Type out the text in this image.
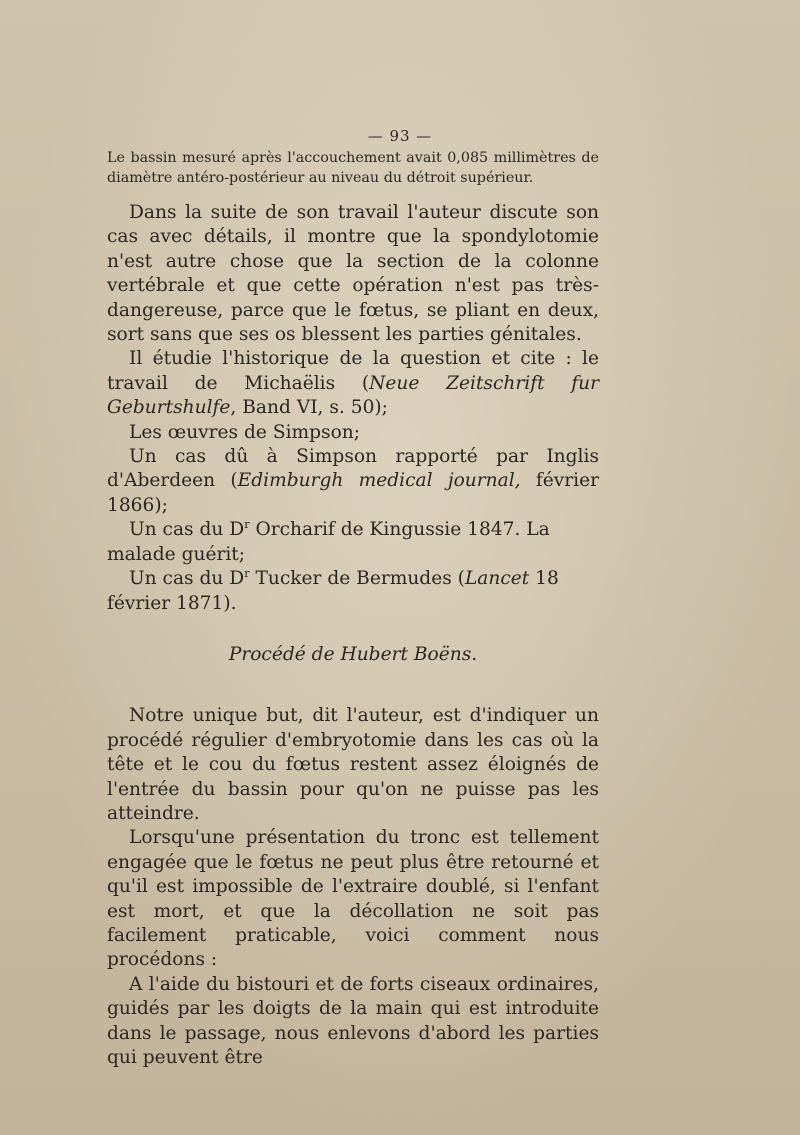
— 93 —

Le bassin mesuré après l'accouchement avait 0,085 millimètres de diamètre antéro-postérieur au niveau du détroit supérieur.

Dans la suite de son travail l'auteur discute son cas avec détails, il montre que la spondylotomie n'est autre chose que la section de la colonne vertébrale et que cette opération n'est pas très-dangereuse, parce que le fœtus, se pliant en deux, sort sans que ses os blessent les parties génitales.

Il étudie l'historique de la question et cite : le travail de Michaëlis (Neue Zeitschrift fur Geburtshulfe, Band VI, s. 50);

Les œuvres de Simpson;

Un cas dû à Simpson rapporté par Inglis d'Aberdeen (Edimburgh medical journal, février 1866);

Un cas du $D^r$ Orcharif de Kingussie 1847. La malade guérit;

Un cas du $D^r$ Tucker de Bermudes (Lancet 18 février 1871).

Procédé de Hubert Boëns.

Notre unique but, dit l'auteur, est d'indiquer un procédé régulier d'embryotomie dans les cas où la tête et le cou du fœtus restent assez éloignés de l'entrée du bassin pour qu'on ne puisse pas les atteindre.

Lorsqu'une présentation du tronc est tellement engagée que le fœtus ne peut plus être retourné et qu'il est impossible de l'extraire doublé, si l'enfant est mort, et que la décollation ne soit pas facilement praticable, voici comment nous procédons :

A l'aide du bistouri et de forts ciseaux ordinaires, guidés par les doigts de la main qui est introduite dans le passage, nous enlevons d'abord les parties qui peuvent être
